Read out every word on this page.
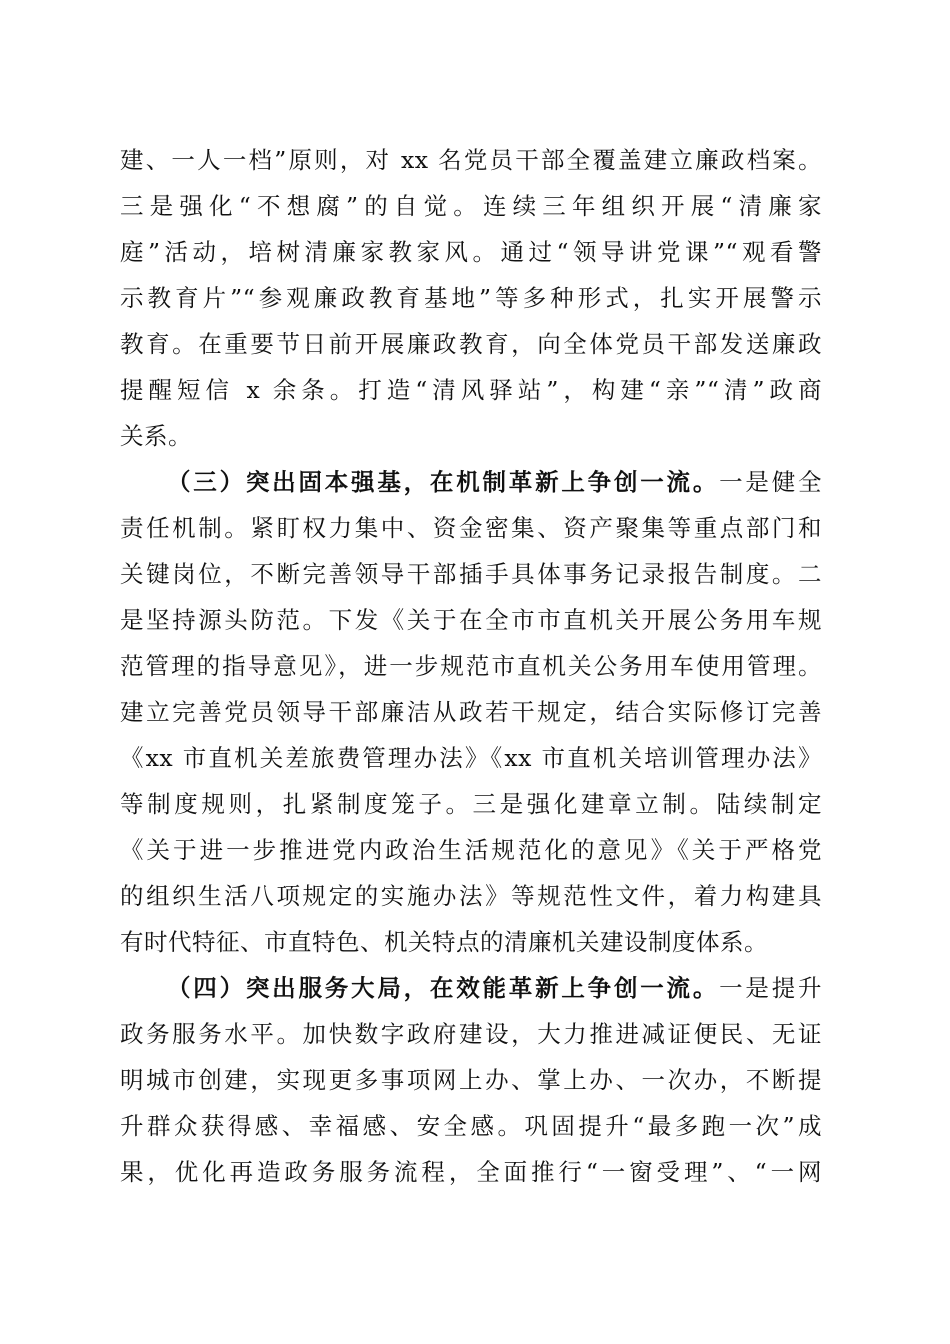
建、一人一档”原则，对 xx 名党员干部全覆盖建立廉政档案。
三是强化“不想腐”的自觉。连续三年组织开展“清廉家
庭”活动，培树清廉家教家风。通过“领导讲党课”“观看警
示教育片”“参观廉政教育基地”等多种形式，扎实开展警示
教育。在重要节日前开展廉政教育，向全体党员干部发送廉政
提醒短信 x 余条。打造“清风驿站”，构建“亲”“清”政商
关系。
（三）突出固本强基，在机制革新上争创一流。一是健全
责任机制。紧盯权力集中、资金密集、资产聚集等重点部门和
关键岗位，不断完善领导干部插手具体事务记录报告制度。二
是坚持源头防范。下发《关于在全市市直机关开展公务用车规
范管理的指导意见》，进一步规范市直机关公务用车使用管理。
建立完善党员领导干部廉洁从政若干规定，结合实际修订完善
《xx 市直机关差旅费管理办法》《xx 市直机关培训管理办法》
等制度规则，扎紧制度笼子。三是强化建章立制。陆续制定
《关于进一步推进党内政治生活规范化的意见》《关于严格党
的组织生活八项规定的实施办法》等规范性文件，着力构建具
有时代特征、市直特色、机关特点的清廉机关建设制度体系。
（四）突出服务大局，在效能革新上争创一流。一是提升
政务服务水平。加快数字政府建设，大力推进减证便民、无证
明城市创建，实现更多事项网上办、掌上办、一次办，不断提
升群众获得感、幸福感、安全感。巩固提升“最多跑一次”成
果，优化再造政务服务流程，全面推行“一窗受理”、“一网
